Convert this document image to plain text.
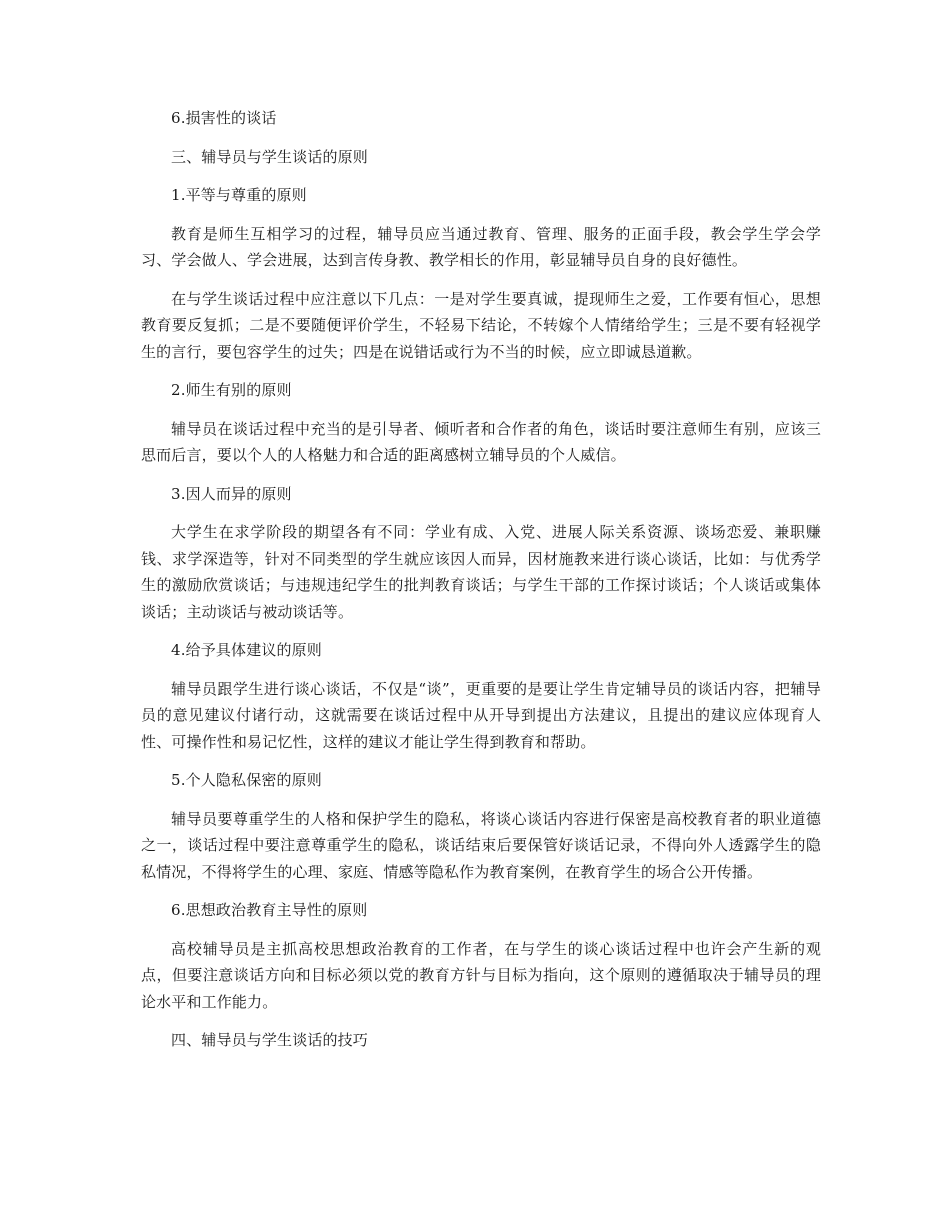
6.损害性的谈话

三、辅导员与学生谈话的原则

1.平等与尊重的原则

教育是师生互相学习的过程，辅导员应当通过教育、管理、服务的正面手段，教会学生学会学习、学会做人、学会进展，达到言传身教、教学相长的作用，彰显辅导员自身的良好德性。

在与学生谈话过程中应注意以下几点：一是对学生要真诚，提现师生之爱，工作要有恒心，思想教育要反复抓；二是不要随便评价学生，不轻易下结论，不转嫁个人情绪给学生；三是不要有轻视学生的言行，要包容学生的过失；四是在说错话或行为不当的时候，应立即诚恳道歉。

2.师生有别的原则

辅导员在谈话过程中充当的是引导者、倾听者和合作者的角色，谈话时要注意师生有别，应该三思而后言，要以个人的人格魅力和合适的距离感树立辅导员的个人威信。

3.因人而异的原则

大学生在求学阶段的期望各有不同：学业有成、入党、进展人际关系资源、谈场恋爱、兼职赚钱、求学深造等，针对不同类型的学生就应该因人而异，因材施教来进行谈心谈话，比如：与优秀学生的激励欣赏谈话；与违规违纪学生的批判教育谈话；与学生干部的工作探讨谈话；个人谈话或集体谈话；主动谈话与被动谈话等。

4.给予具体建议的原则

辅导员跟学生进行谈心谈话，不仅是“谈”，更重要的是要让学生肯定辅导员的谈话内容，把辅导员的意见建议付诸行动，这就需要在谈话过程中从开导到提出方法建议，且提出的建议应体现育人性、可操作性和易记忆性，这样的建议才能让学生得到教育和帮助。

5.个人隐私保密的原则

辅导员要尊重学生的人格和保护学生的隐私，将谈心谈话内容进行保密是高校教育者的职业道德之一，谈话过程中要注意尊重学生的隐私，谈话结束后要保管好谈话记录，不得向外人透露学生的隐私情况，不得将学生的心理、家庭、情感等隐私作为教育案例，在教育学生的场合公开传播。

6.思想政治教育主导性的原则

高校辅导员是主抓高校思想政治教育的工作者，在与学生的谈心谈话过程中也许会产生新的观点，但要注意谈话方向和目标必须以党的教育方针与目标为指向，这个原则的遵循取决于辅导员的理论水平和工作能力。

四、辅导员与学生谈话的技巧
